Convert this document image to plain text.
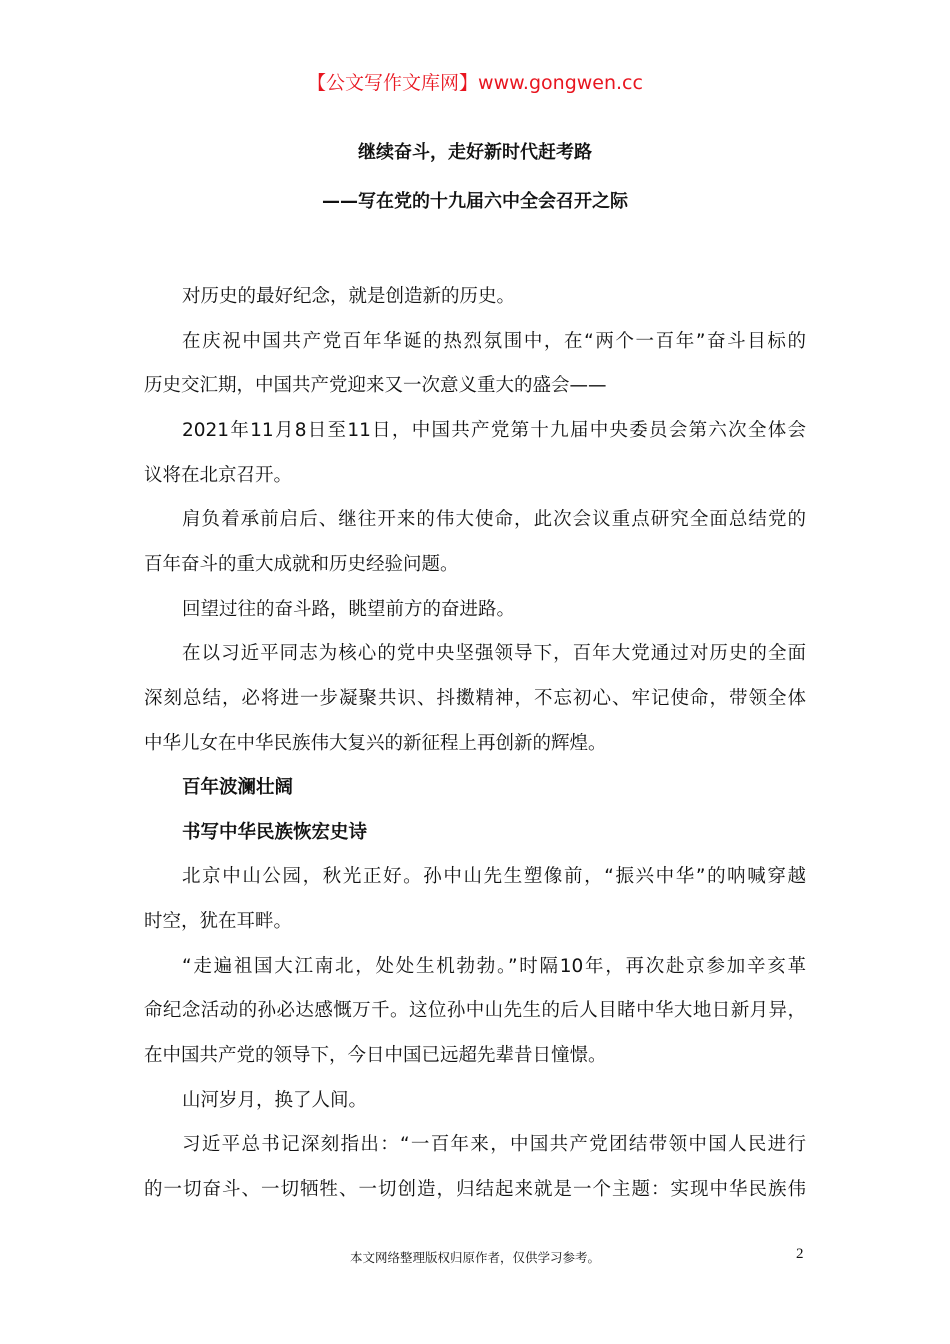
【公文写作文库网】www.gongwen.cc
继续奋斗，走好新时代赶考路
——写在党的十九届六中全会召开之际
对历史的最好纪念，就是创造新的历史。
在庆祝中国共产党百年华诞的热烈氛围中，在“两个一百年”奋斗目标的
历史交汇期，中国共产党迎来又一次意义重大的盛会——
2021年11月8日至11日，中国共产党第十九届中央委员会第六次全体会
议将在北京召开。
肩负着承前启后、继往开来的伟大使命，此次会议重点研究全面总结党的
百年奋斗的重大成就和历史经验问题。
回望过往的奋斗路，眺望前方的奋进路。
在以习近平同志为核心的党中央坚强领导下，百年大党通过对历史的全面
深刻总结，必将进一步凝聚共识、抖擞精神，不忘初心、牢记使命，带领全体
中华儿女在中华民族伟大复兴的新征程上再创新的辉煌。
百年波澜壮阔
书写中华民族恢宏史诗
北京中山公园，秋光正好。孙中山先生塑像前，“振兴中华”的呐喊穿越
时空，犹在耳畔。
“走遍祖国大江南北，处处生机勃勃。”时隔10年，再次赴京参加辛亥革
命纪念活动的孙必达感慨万千。这位孙中山先生的后人目睹中华大地日新月异，
在中国共产党的领导下，今日中国已远超先辈昔日憧憬。
山河岁月，换了人间。
习近平总书记深刻指出：“一百年来，中国共产党团结带领中国人民进行
的一切奋斗、一切牺牲、一切创造，归结起来就是一个主题：实现中华民族伟
本文网络整理版权归原作者，仅供学习参考。	2
